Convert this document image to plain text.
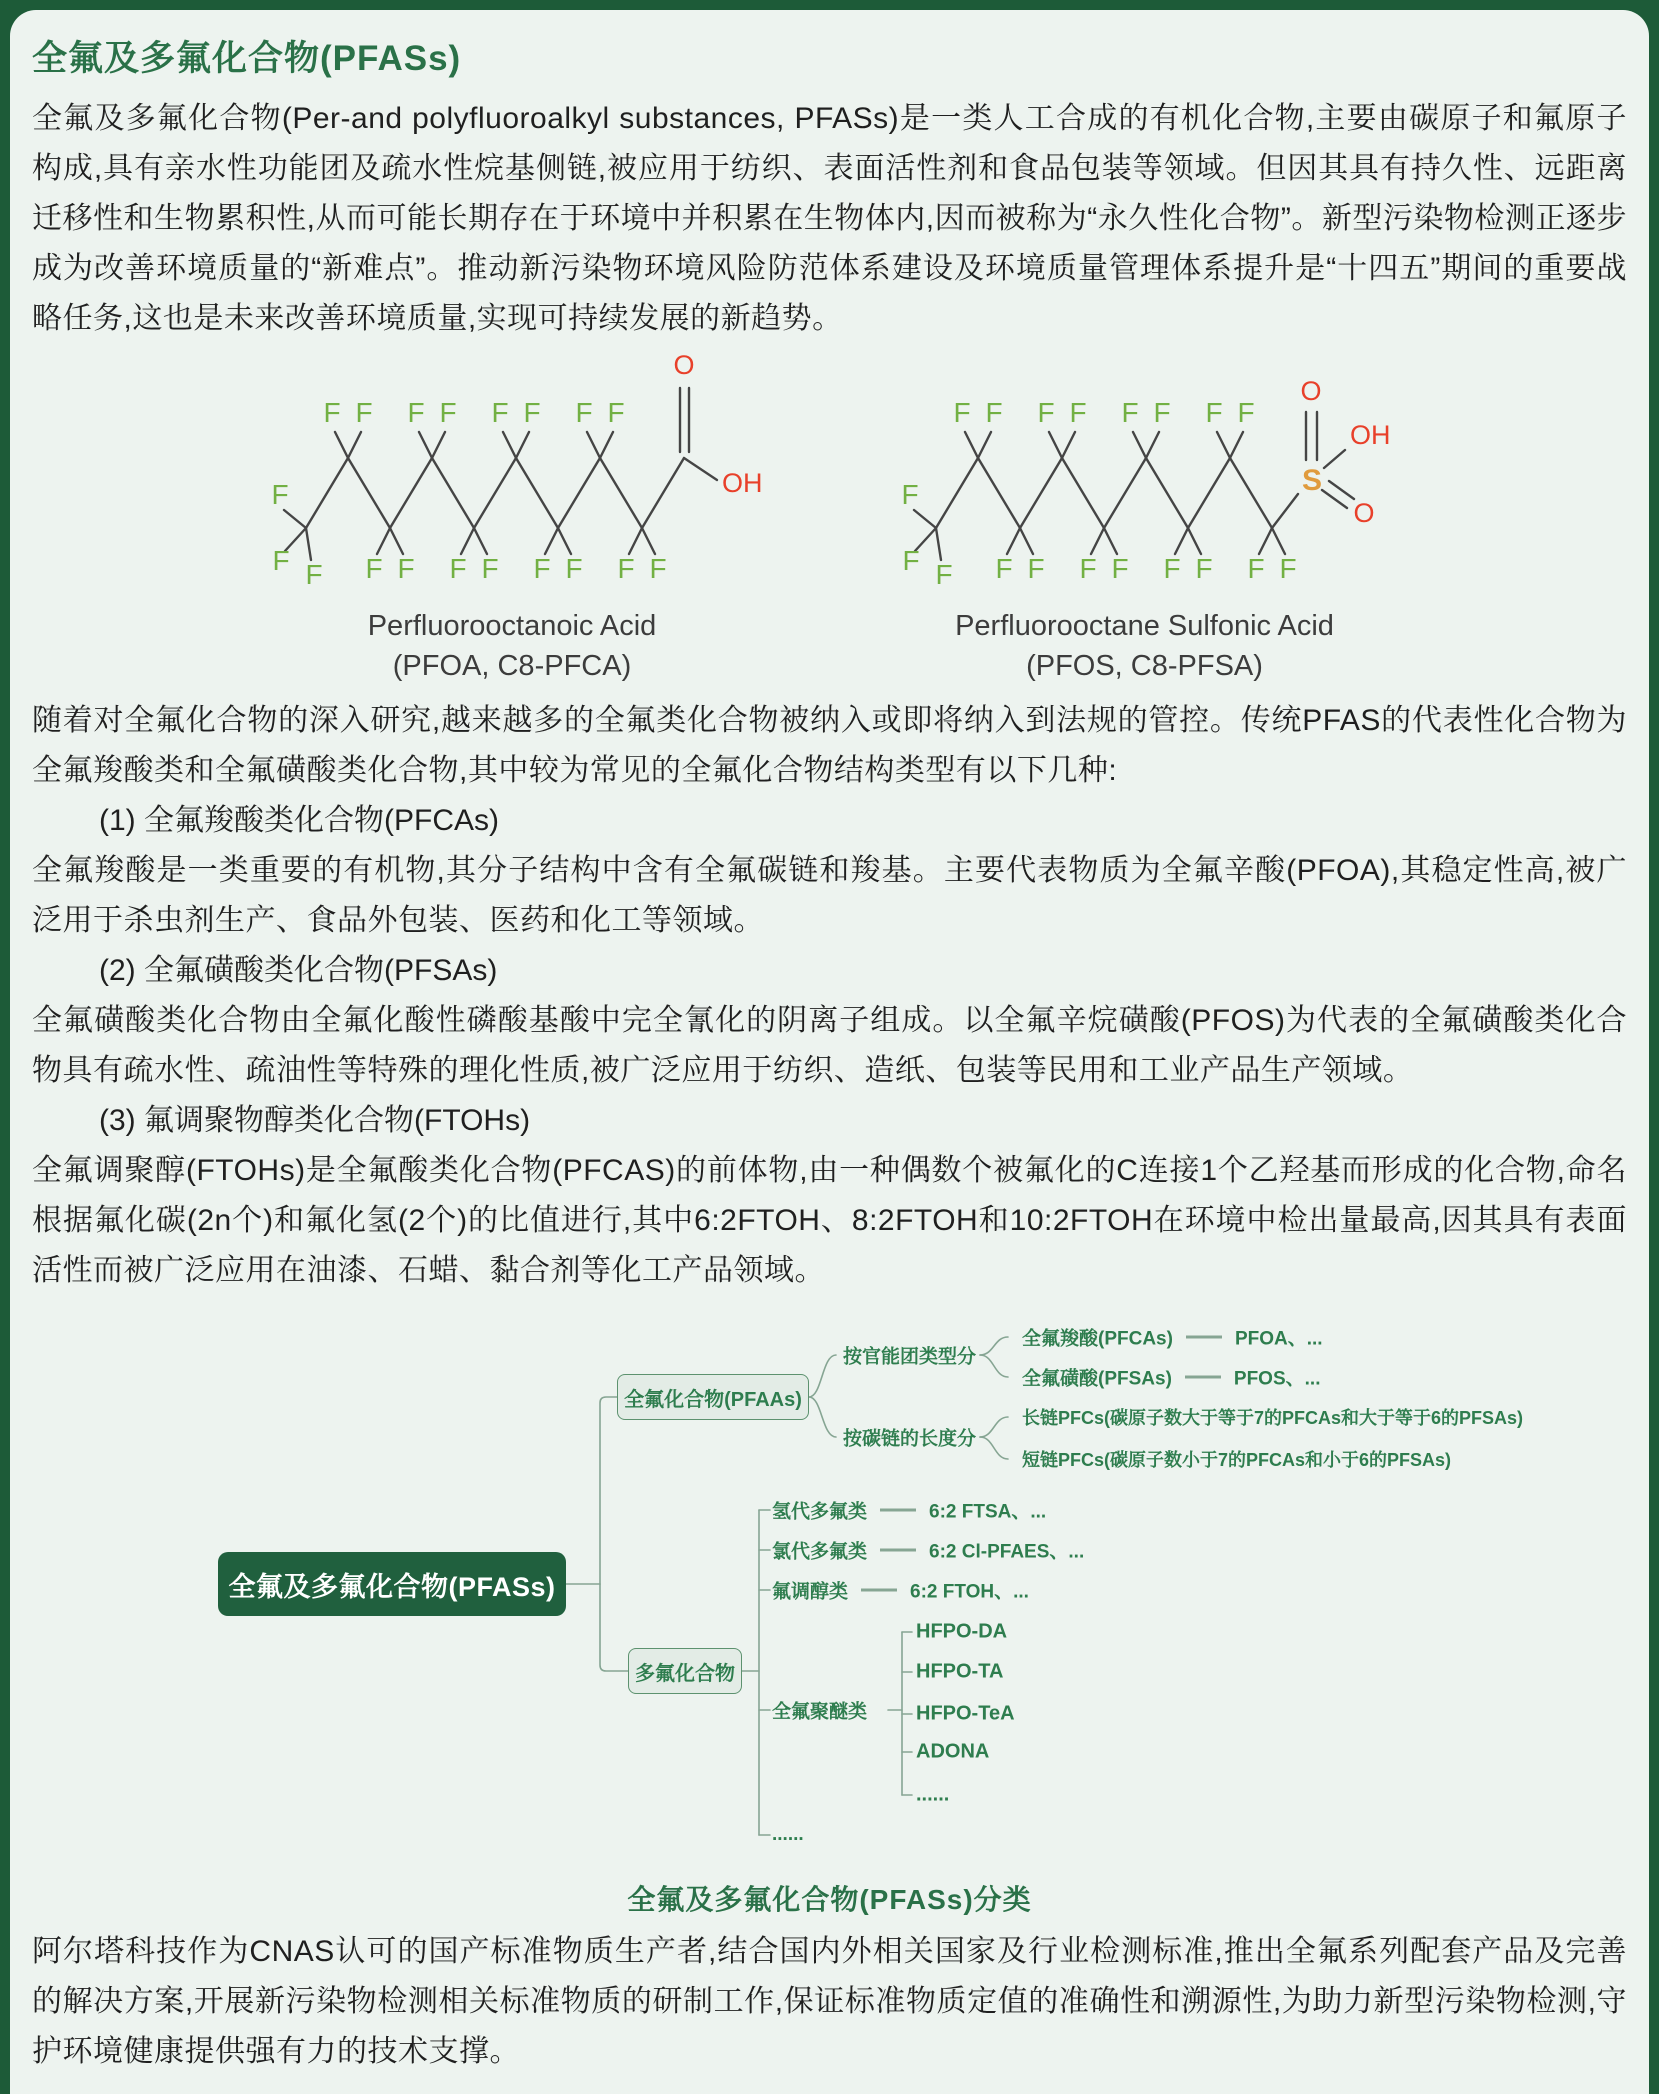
全氟及多氟化合物(PFASs)

全氟及多氟化合物(Per-and polyfluoroalkyl substances, PFASs)是一类人工合成的有机化合物,主要由碳原子和氟原子构成,具有亲水性功能团及疏水性烷基侧链,被应用于纺织、表面活性剂和食品包装等领域。但因其具有持久性、远距离迁移性和生物累积性,从而可能长期存在于环境中并积累在生物体内,因而被称为“永久性化合物”。新型污染物检测正逐步成为改善环境质量的“新难点”。推动新污染物环境风险防范体系建设及环境质量管理体系提升是“十四五”期间的重要战略任务,这也是未来改善环境质量,实现可持续发展的新趋势。

F
F F
F F F F F F F F
F F F F F F F F
O
OH
Perfluorooctanoic Acid
(PFOA, C8-PFCA)
F
F F
F F F F F F F F
F F F F F F F F
S
O
OH
O
Perfluorooctane Sulfonic Acid
(PFOS, C8-PFSA)

随着对全氟化合物的深入研究,越来越多的全氟类化合物被纳入或即将纳入到法规的管控。传统PFAS的代表性化合物为全氟羧酸类和全氟磺酸类化合物,其中较为常见的全氟化合物结构类型有以下几种:

(1) 全氟羧酸类化合物(PFCAs)

全氟羧酸是一类重要的有机物,其分子结构中含有全氟碳链和羧基。主要代表物质为全氟辛酸(PFOA),其稳定性高,被广泛用于杀虫剂生产、食品外包装、医药和化工等领域。

(2) 全氟磺酸类化合物(PFSAs)

全氟磺酸类化合物由全氟化酸性磷酸基酸中完全氰化的阴离子组成。以全氟辛烷磺酸(PFOS)为代表的全氟磺酸类化合物具有疏水性、疏油性等特殊的理化性质,被广泛应用于纺织、造纸、包装等民用和工业产品生产领域。

(3) 氟调聚物醇类化合物(FTOHs)

全氟调聚醇(FTOHs)是全氟酸类化合物(PFCAS)的前体物,由一种偶数个被氟化的C连接1个乙羟基而形成的化合物,命名根据氟化碳(2n个)和氟化氢(2个)的比值进行,其中6:2FTOH、8:2FTOH和10:2FTOH在环境中检出量最高,因其具有表面活性而被广泛应用在油漆、石蜡、黏合剂等化工产品领域。

全氟及多氟化合物(PFASs)
全氟化合物(PFAAs)
多氟化合物
按官能团类型分
按碳链的长度分
全氟羧酸(PFCAs)	PFOA、...
全氟磺酸(PFSAs)	PFOS、...
长链PFCs(碳原子数大于等于7的PFCAs和大于等于6的PFSAs)
短链PFCs(碳原子数小于7的PFCAs和小于6的PFSAs)
氢代多氟类	6:2 FTSA、...
氯代多氟类	6:2 Cl-PFAES、...
氟调醇类	6:2 FTOH、...
全氟聚醚类
......
HFPO-DA
HFPO-TA
HFPO-TeA
ADONA
......
全氟及多氟化合物(PFASs)分类

阿尔塔科技作为CNAS认可的国产标准物质生产者,结合国内外相关国家及行业检测标准,推出全氟系列配套产品及完善的解决方案,开展新污染物检测相关标准物质的研制工作,保证标准物质定值的准确性和溯源性,为助力新型污染物检测,守护环境健康提供强有力的技术支撑。
